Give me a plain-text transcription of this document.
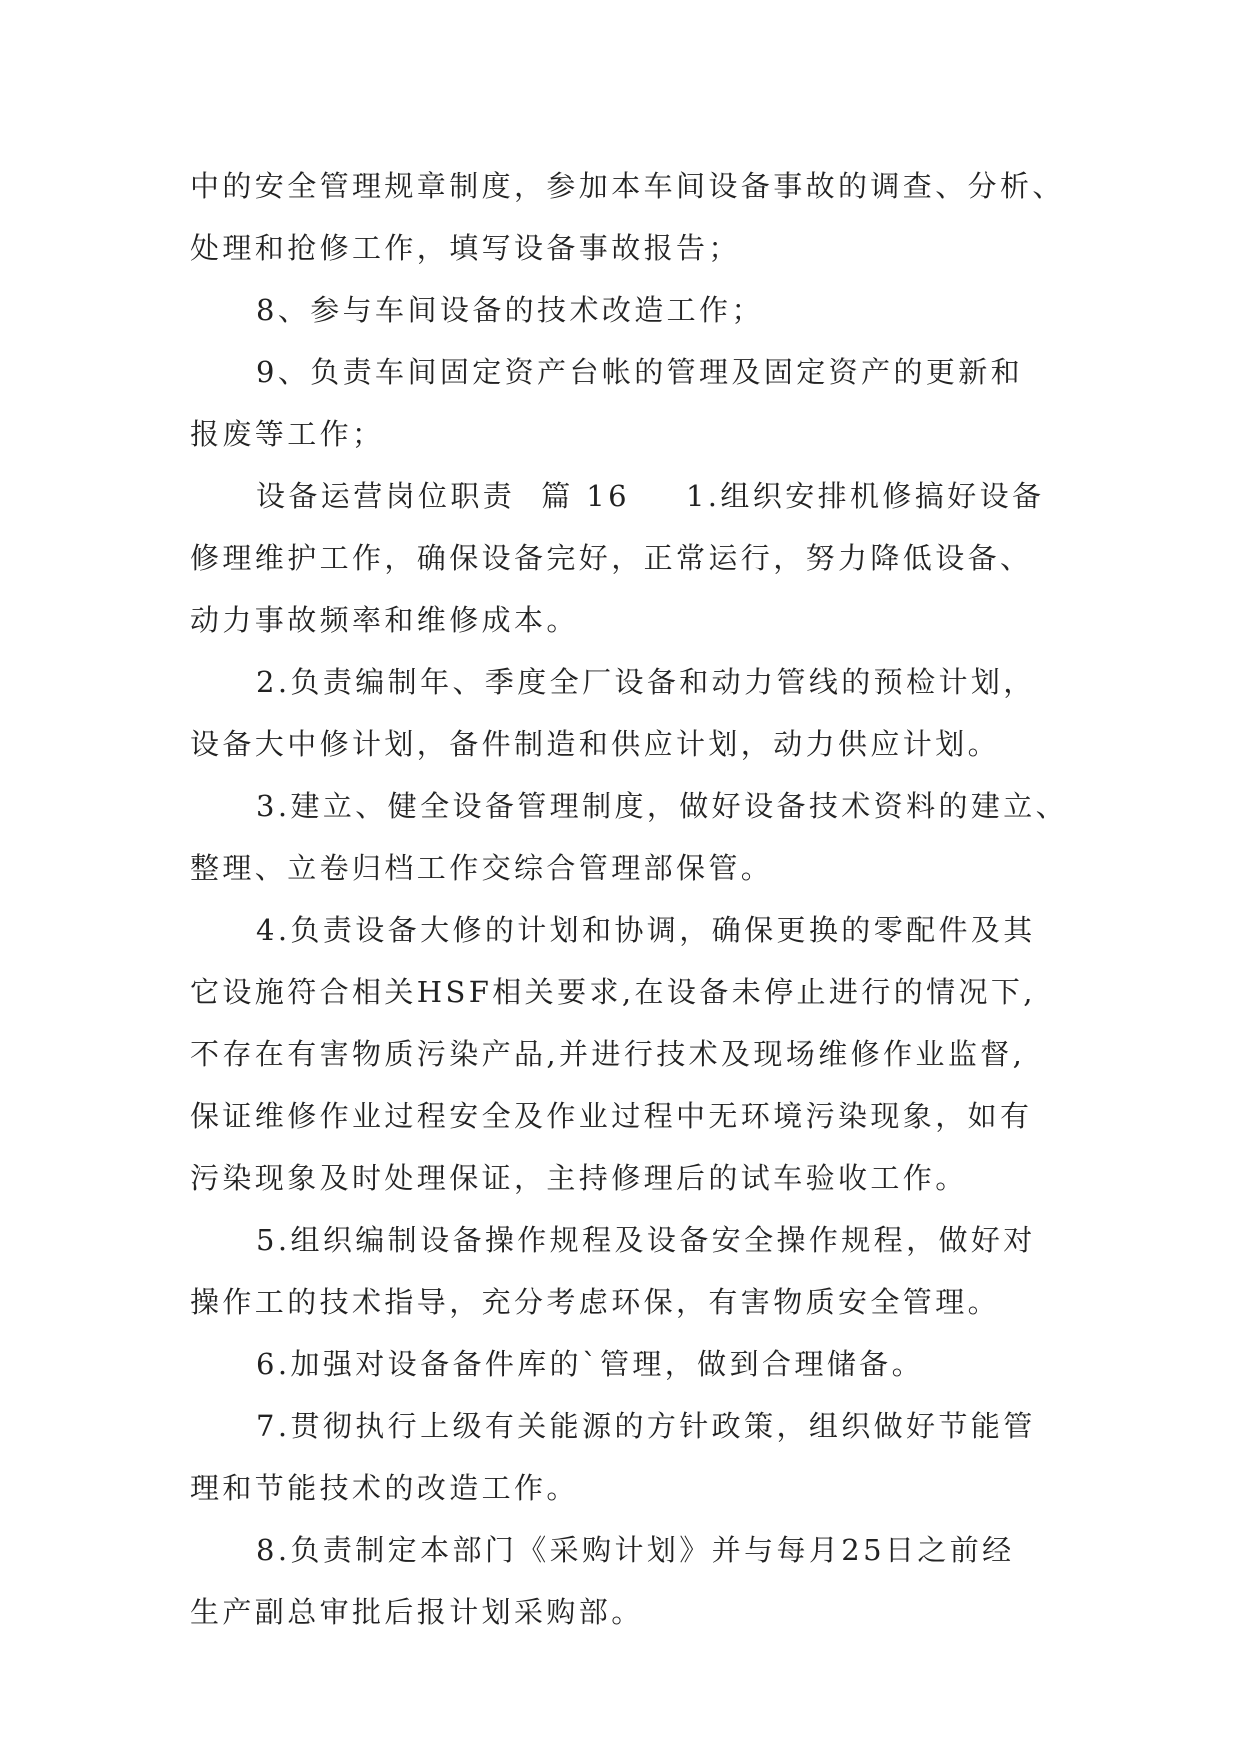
中的安全管理规章制度，参加本车间设备事故的调查、分析、
处理和抢修工作，填写设备事故报告；
8、参与车间设备的技术改造工作；
9、负责车间固定资产台帐的管理及固定资产的更新和
报废等工作；
设备运营岗位职责 篇 16 1.组织安排机修搞好设备
修理维护工作，确保设备完好，正常运行，努力降低设备、
动力事故频率和维修成本。
2.负责编制年、季度全厂设备和动力管线的预检计划，
设备大中修计划，备件制造和供应计划，动力供应计划。
3.建立、健全设备管理制度，做好设备技术资料的建立、
整理、立卷归档工作交综合管理部保管。
4.负责设备大修的计划和协调，确保更换的零配件及其
它设施符合相关HSF相关要求,在设备未停止进行的情况下,
不存在有害物质污染产品,并进行技术及现场维修作业监督,
保证维修作业过程安全及作业过程中无环境污染现象，如有
污染现象及时处理保证，主持修理后的试车验收工作。
5.组织编制设备操作规程及设备安全操作规程，做好对
操作工的技术指导，充分考虑环保，有害物质安全管理。
6.加强对设备备件库的`管理，做到合理储备。
7.贯彻执行上级有关能源的方针政策，组织做好节能管
理和节能技术的改造工作。
8.负责制定本部门《采购计划》并与每月25日之前经
生产副总审批后报计划采购部。
